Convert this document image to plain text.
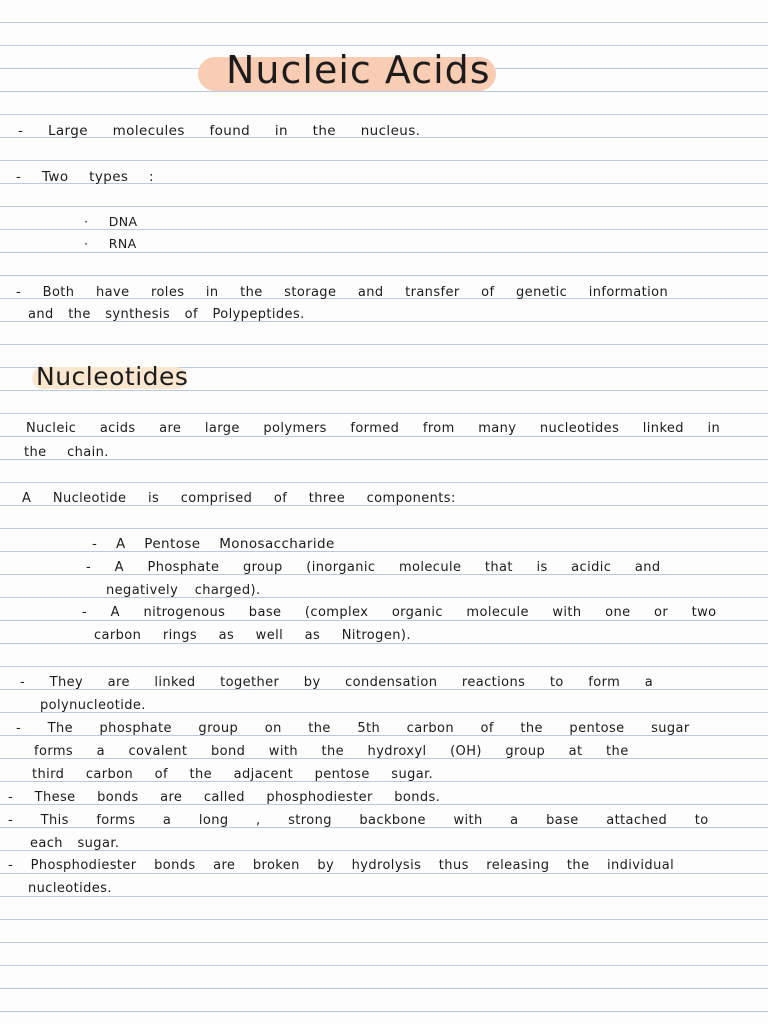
Nucleic Acids
- Large molecules found in the nucleus.
- Two types :
· DNA
· RNA
- Both have roles in the storage and transfer of genetic information
and the synthesis of Polypeptides.
Nucleotides
Nucleic acids are large polymers formed from many nucleotides linked in
the chain.
A Nucleotide is comprised of three components:
- A Pentose Monosaccharide
- A Phosphate group (inorganic molecule that is acidic and
negatively charged).
- A nitrogenous base (complex organic molecule with one or two
carbon rings as well as Nitrogen).
- They are linked together by condensation reactions to form a
polynucleotide.
- The phosphate group on the 5th carbon of the pentose sugar
forms a covalent bond with the hydroxyl (OH) group at the
third carbon of the adjacent pentose sugar.
- These bonds are called phosphodiester bonds.
- This forms a long , strong backbone with a base attached to
each sugar.
- Phosphodiester bonds are broken by hydrolysis thus releasing the individual
nucleotides.
